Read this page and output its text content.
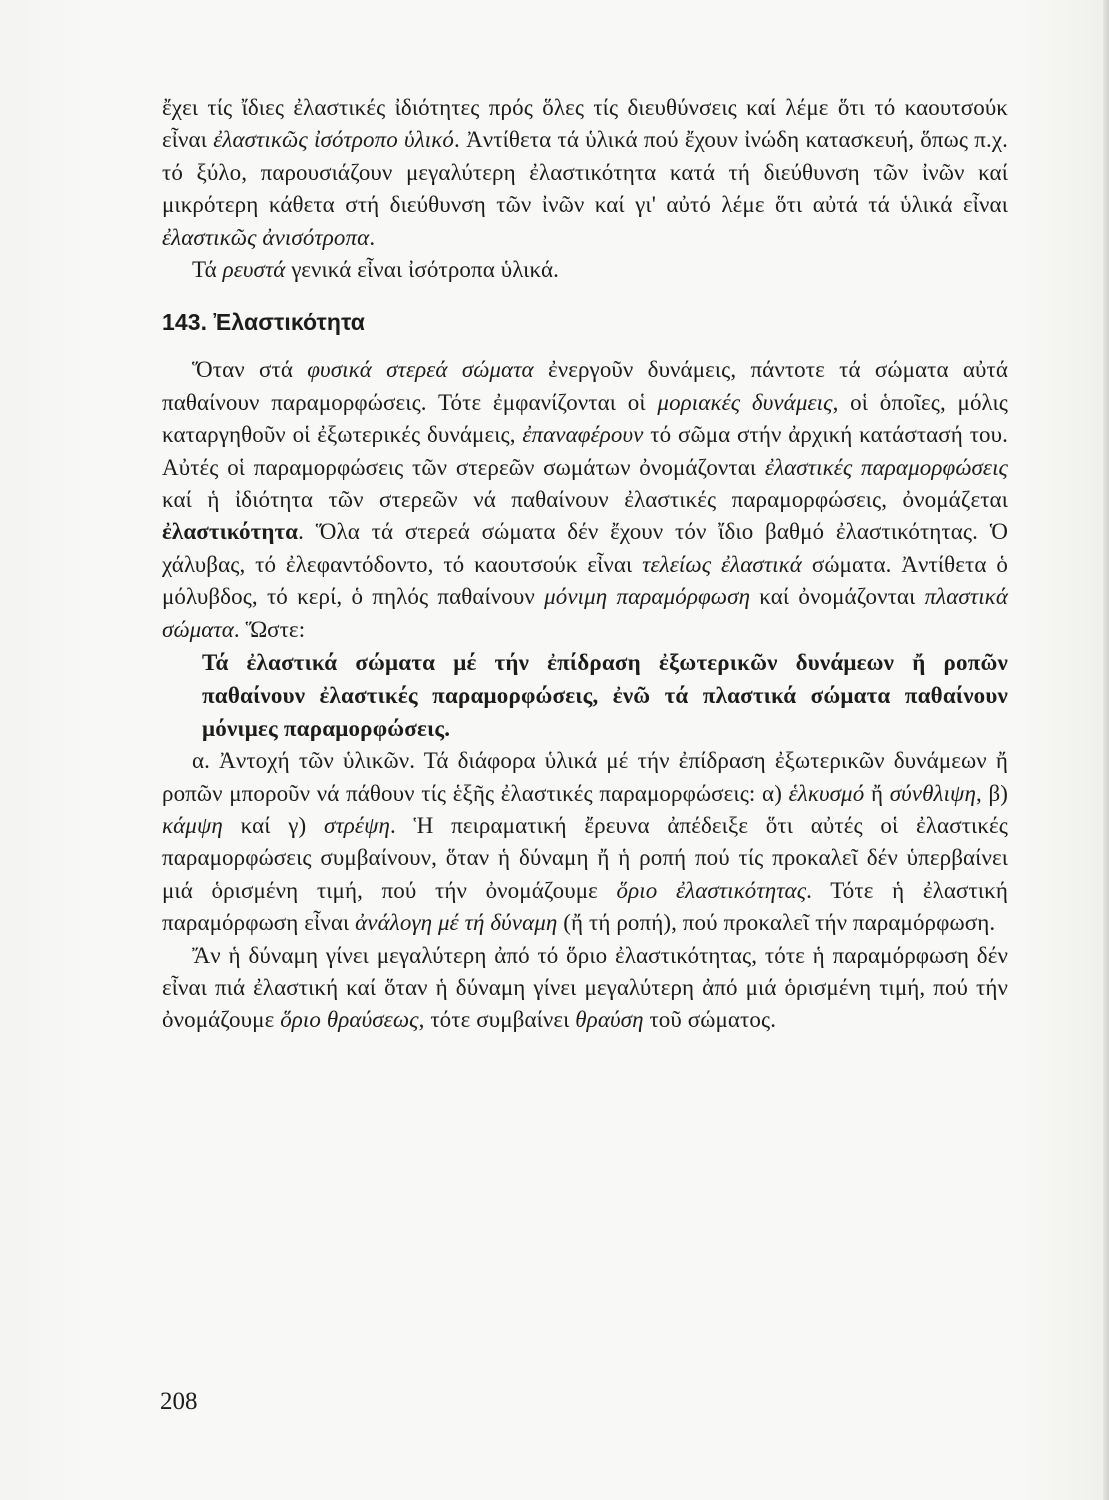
ἔχει τίς ἴδιες ἐλαστικές ἰδιότητες πρός ὅλες τίς διευθύνσεις καί λέμε ὅτι τό καουτσούκ εἶναι ἐλαστικῶς ἰσότροπο ὑλικό. Ἀντίθετα τά ὑλικά πού ἔχουν ἰνώδη κατασκευή, ὅπως π.χ. τό ξύλο, παρουσιάζουν μεγαλύτερη ἐλαστικότητα κατά τή διεύθυνση τῶν ἰνῶν καί μικρότερη κάθετα στή διεύθυνση τῶν ἰνῶν καί γι' αὐτό λέμε ὅτι αὐτά τά ὑλικά εἶναι ἐλαστικῶς ἀνισότροπα.

Τά ρευστά γενικά εἶναι ἰσότροπα ὑλικά.

143. Ἐλαστικότητα

Ὅταν στά φυσικά στερεά σώματα ἐνεργοῦν δυνάμεις, πάντοτε τά σώματα αὐτά παθαίνουν παραμορφώσεις. Τότε ἐμφανίζονται οἱ μοριακές δυνάμεις, οἱ ὁποῖες, μόλις καταργηθοῦν οἱ ἐξωτερικές δυνάμεις, ἐπαναφέρουν τό σῶμα στήν ἀρχική κατάστασή του. Αὐτές οἱ παραμορφώσεις τῶν στερεῶν σωμάτων ὀνομάζονται ἐλαστικές παραμορφώσεις καί ἡ ἰδιότητα τῶν στερεῶν νά παθαίνουν ἐλαστικές παραμορφώσεις, ὀνομάζεται ἐλαστικότητα. Ὅλα τά στερεά σώματα δέν ἔχουν τόν ἴδιο βαθμό ἐλαστικότητας. Ὁ χάλυβας, τό ἐλεφαντόδοντο, τό καουτσούκ εἶναι τελείως ἐλαστικά σώματα. Ἀντίθετα ὁ μόλυβδος, τό κερί, ὁ πηλός παθαίνουν μόνιμη παραμόρφωση καί ὀνομάζονται πλαστικά σώματα. Ὥστε:

Τά ἐλαστικά σώματα μέ τήν ἐπίδραση ἐξωτερικῶν δυνάμεων ἤ ροπῶν παθαίνουν ἐλαστικές παραμορφώσεις, ἐνῶ τά πλαστικά σώματα παθαίνουν μόνιμες παραμορφώσεις.

α. Ἀντοχή τῶν ὑλικῶν. Τά διάφορα ὑλικά μέ τήν ἐπίδραση ἐξωτερικῶν δυνάμεων ἤ ροπῶν μποροῦν νά πάθουν τίς ἑξῆς ἐλαστικές παραμορφώσεις: α) ἑλκυσμό ἤ σύνθλιψη, β) κάμψη καί γ) στρέψη. Ἡ πειραματική ἔρευνα ἀπέδειξε ὅτι αὐτές οἱ ἐλαστικές παραμορφώσεις συμβαίνουν, ὅταν ἡ δύναμη ἤ ἡ ροπή πού τίς προκαλεῖ δέν ὑπερβαίνει μιά ὁρισμένη τιμή, πού τήν ὀνομάζουμε ὅριο ἐλαστικότητας. Τότε ἡ ἐλαστική παραμόρφωση εἶναι ἀνάλογη μέ τή δύναμη (ἤ τή ροπή), πού προκαλεῖ τήν παραμόρφωση.

Ἄν ἡ δύναμη γίνει μεγαλύτερη ἀπό τό ὅριο ἐλαστικότητας, τότε ἡ παραμόρφωση δέν εἶναι πιά ἐλαστική καί ὅταν ἡ δύναμη γίνει μεγαλύτερη ἀπό μιά ὁρισμένη τιμή, πού τήν ὀνομάζουμε ὅριο θραύσεως, τότε συμβαίνει θραύση τοῦ σώματος.

208
